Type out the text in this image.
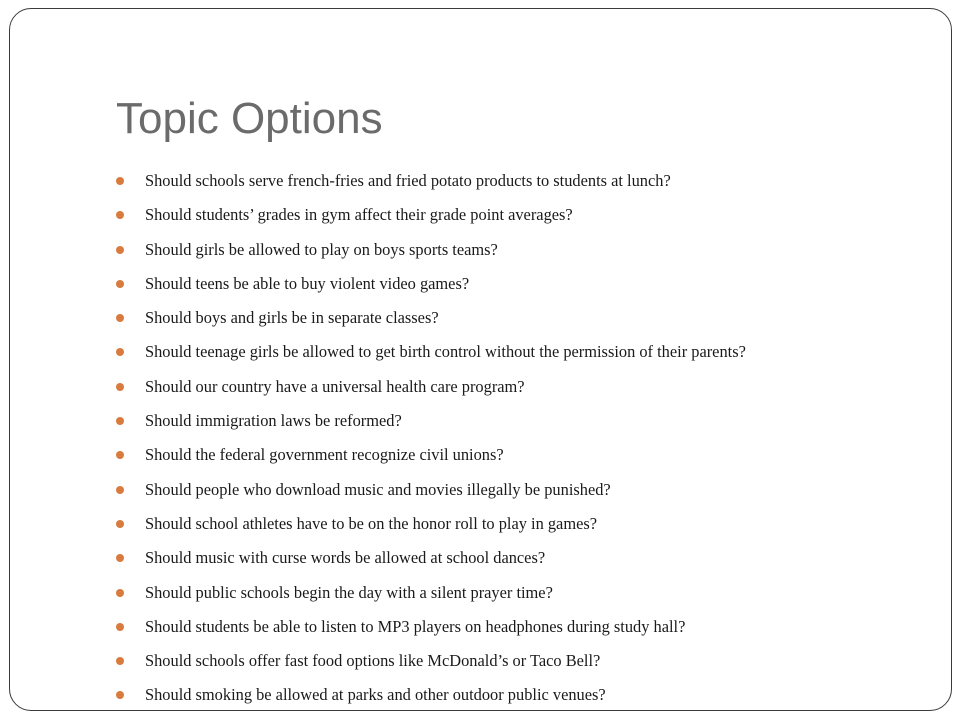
Topic Options
Should schools serve french-fries and fried potato products to students at lunch?
Should students’ grades in gym affect their grade point averages?
Should girls be allowed to play on boys sports teams?
Should teens be able to buy violent video games?
Should boys and girls be in separate classes?
Should teenage girls be allowed to get birth control without the permission of their parents?
Should our country have a universal health care program?
Should immigration laws be reformed?
Should the federal government recognize civil unions?
Should people who download music and movies illegally be punished?
Should school athletes have to be on the honor roll to play in games?
Should music with curse words be allowed at school dances?
Should public schools begin the day with a silent prayer time?
Should students be able to listen to MP3 players on headphones during study hall?
Should schools offer fast food options like McDonald’s or Taco Bell?
Should smoking be allowed at parks and other outdoor public venues?
